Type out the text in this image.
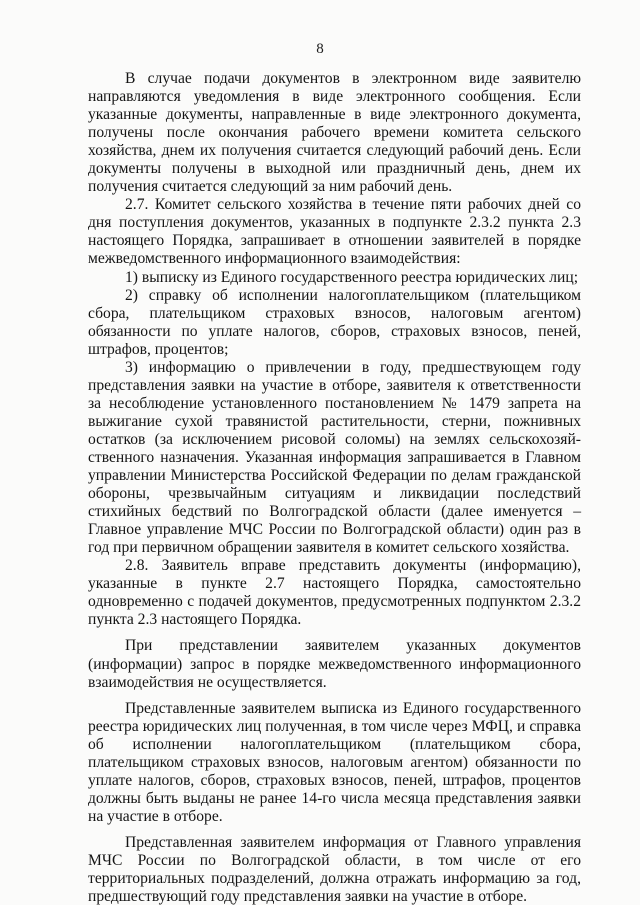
8

В случае подачи документов в электронном виде заявителю направляются уведомления в виде электронного сообщения. Если указанные документы, направленные в виде электронного документа, получены после окончания рабочего времени комитета сельского хозяйства, днем их получения считается следующий рабочий день. Если документы получены в выходной или праздничный день, днем их получения считается следующий за ним рабочий день.

2.7. Комитет сельского хозяйства в течение пяти рабочих дней со дня поступления документов, указанных в подпункте 2.3.2 пункта 2.3 настоящего Порядка, запрашивает в отношении заявителей в порядке межведомственного информационного взаимодействия:

1) выписку из Единого государственного реестра юридических лиц;

2) справку об исполнении налогоплательщиком (плательщиком сбора, плательщиком страховых взносов, налоговым агентом) обязанности по уплате налогов, сборов, страховых взносов, пеней, штрафов, процентов;

3) информацию о привлечении в году, предшествующем году представления заявки на участие в отборе, заявителя к ответственности за несоблюдение установленного постановлением № 1479 запрета на выжигание сухой травянистой растительности, стерни, пожнивных остатков (за исключением рисовой соломы) на землях сельскохозяйственного назначения. Указанная информация запрашивается в Главном управлении Министерства Российской Федерации по делам гражданской обороны, чрезвычайным ситуациям и ликвидации последствий стихийных бедствий по Волгоградской области (далее именуется – Главное управление МЧС России по Волгоградской области) один раз в год при первичном обращении заявителя в комитет сельского хозяйства.

2.8. Заявитель вправе представить документы (информацию), указанные в пункте 2.7 настоящего Порядка, самостоятельно одновременно с подачей документов, предусмотренных подпунктом 2.3.2 пункта 2.3 настоящего Порядка.

При представлении заявителем указанных документов (информации) запрос в порядке межведомственного информационного взаимодействия не осуществляется.

Представленные заявителем выписка из Единого государственного реестра юридических лиц полученная, в том числе через МФЦ, и справка об исполнении налогоплательщиком (плательщиком сбора, плательщиком страховых взносов, налоговым агентом) обязанности по уплате налогов, сборов, страховых взносов, пеней, штрафов, процентов должны быть выданы не ранее 14-го числа месяца представления заявки на участие в отборе.

Представленная заявителем информация от Главного управления МЧС России по Волгоградской области, в том числе от его территориальных подразделений, должна отражать информацию за год, предшествующий году представления заявки на участие в отборе.
